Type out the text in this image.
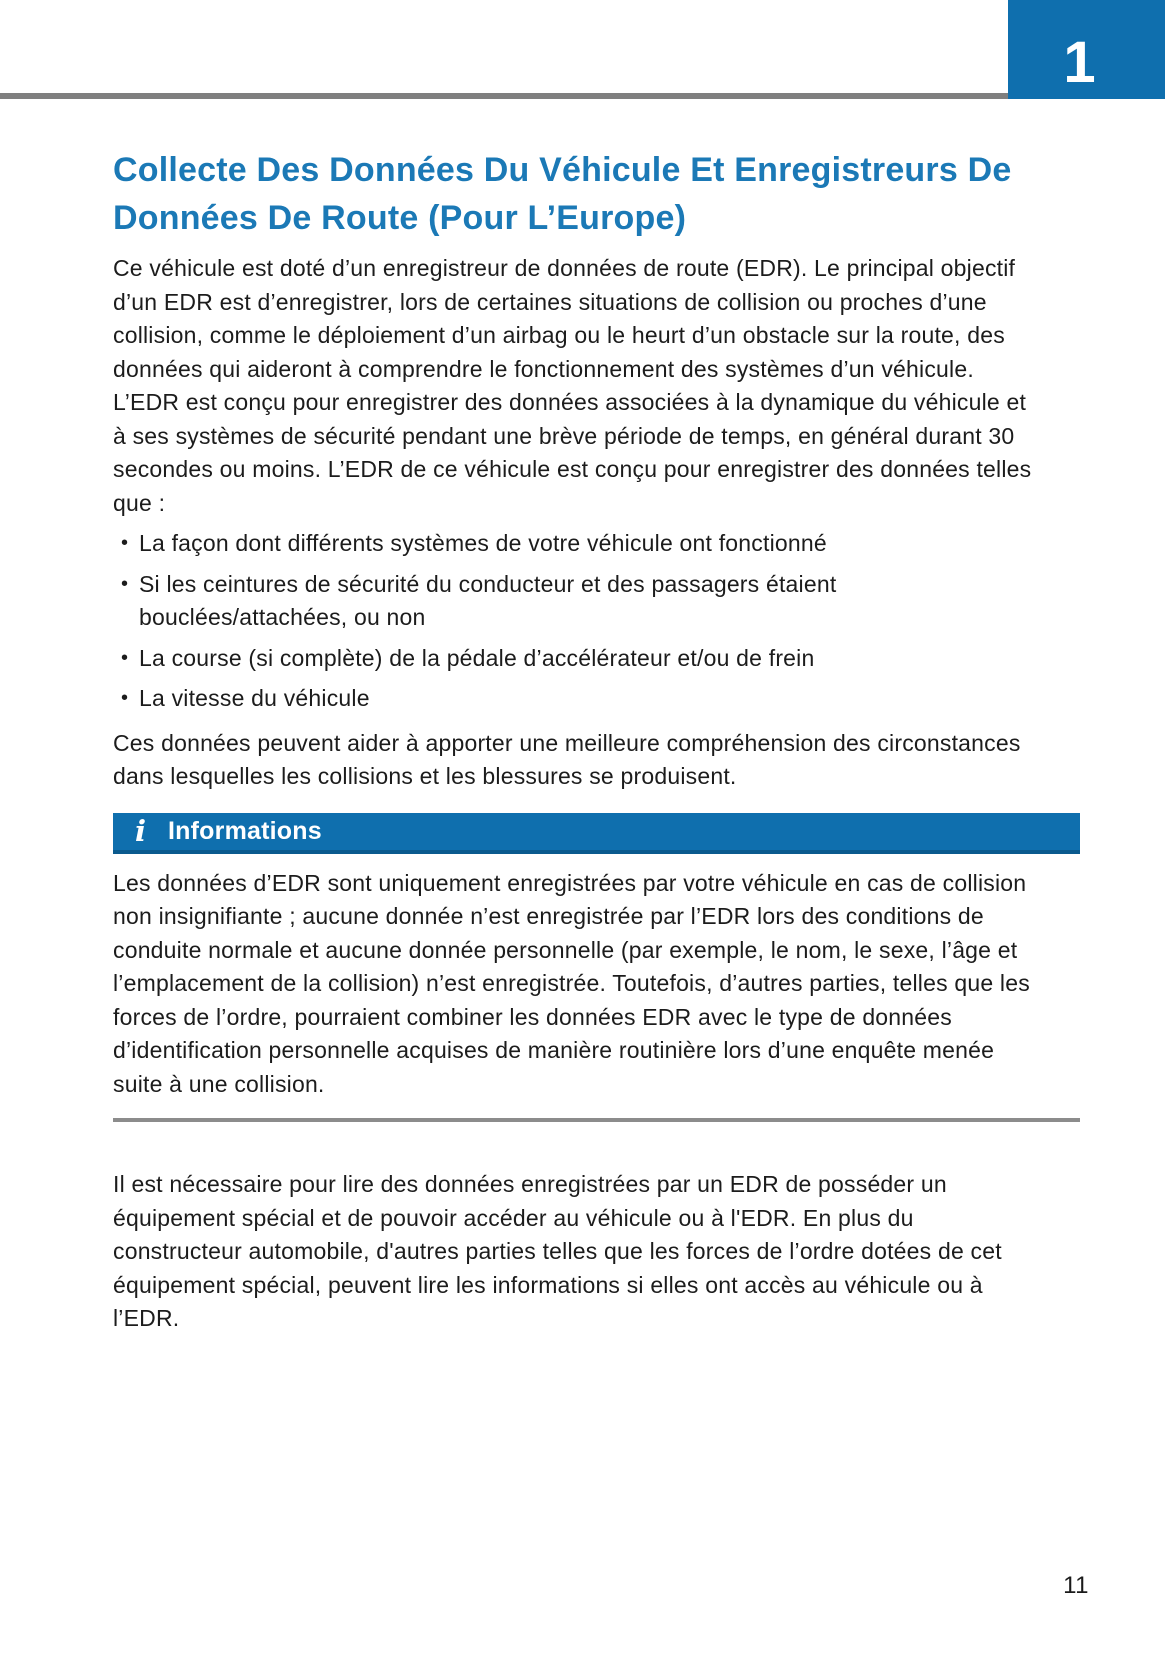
1
Collecte Des Données Du Véhicule Et Enregistreurs De Données De Route (Pour L’Europe)

Ce véhicule est doté d’un enregistreur de données de route (EDR). Le principal objectif d’un EDR est d’enregistrer, lors de certaines situations de collision ou proches d’une collision, comme le déploiement d’un airbag ou le heurt d’un obstacle sur la route, des données qui aideront à comprendre le fonctionnement des systèmes d’un véhicule. L’EDR est conçu pour enregistrer des données associées à la dynamique du véhicule et à ses systèmes de sécurité pendant une brève période de temps, en général durant 30 secondes ou moins. L’EDR de ce véhicule est conçu pour enregistrer des données telles que :

• La façon dont différents systèmes de votre véhicule ont fonctionné
• Si les ceintures de sécurité du conducteur et des passagers étaient bouclées/attachées, ou non
• La course (si complète) de la pédale d’accélérateur et/ou de frein
• La vitesse du véhicule

Ces données peuvent aider à apporter une meilleure compréhension des circonstances dans lesquelles les collisions et les blessures se produisent.

i Informations

Les données d’EDR sont uniquement enregistrées par votre véhicule en cas de collision non insignifiante ; aucune donnée n’est enregistrée par l’EDR lors des conditions de conduite normale et aucune donnée personnelle (par exemple, le nom, le sexe, l’âge et l’emplacement de la collision) n’est enregistrée. Toutefois, d’autres parties, telles que les forces de l’ordre, pourraient combiner les données EDR avec le type de données d’identification personnelle acquises de manière routinière lors d’une enquête menée suite à une collision.

Il est nécessaire pour lire des données enregistrées par un EDR de posséder un équipement spécial et de pouvoir accéder au véhicule ou à l'EDR. En plus du constructeur automobile, d'autres parties telles que les forces de l’ordre dotées de cet équipement spécial, peuvent lire les informations si elles ont accès au véhicule ou à l’EDR.

11
